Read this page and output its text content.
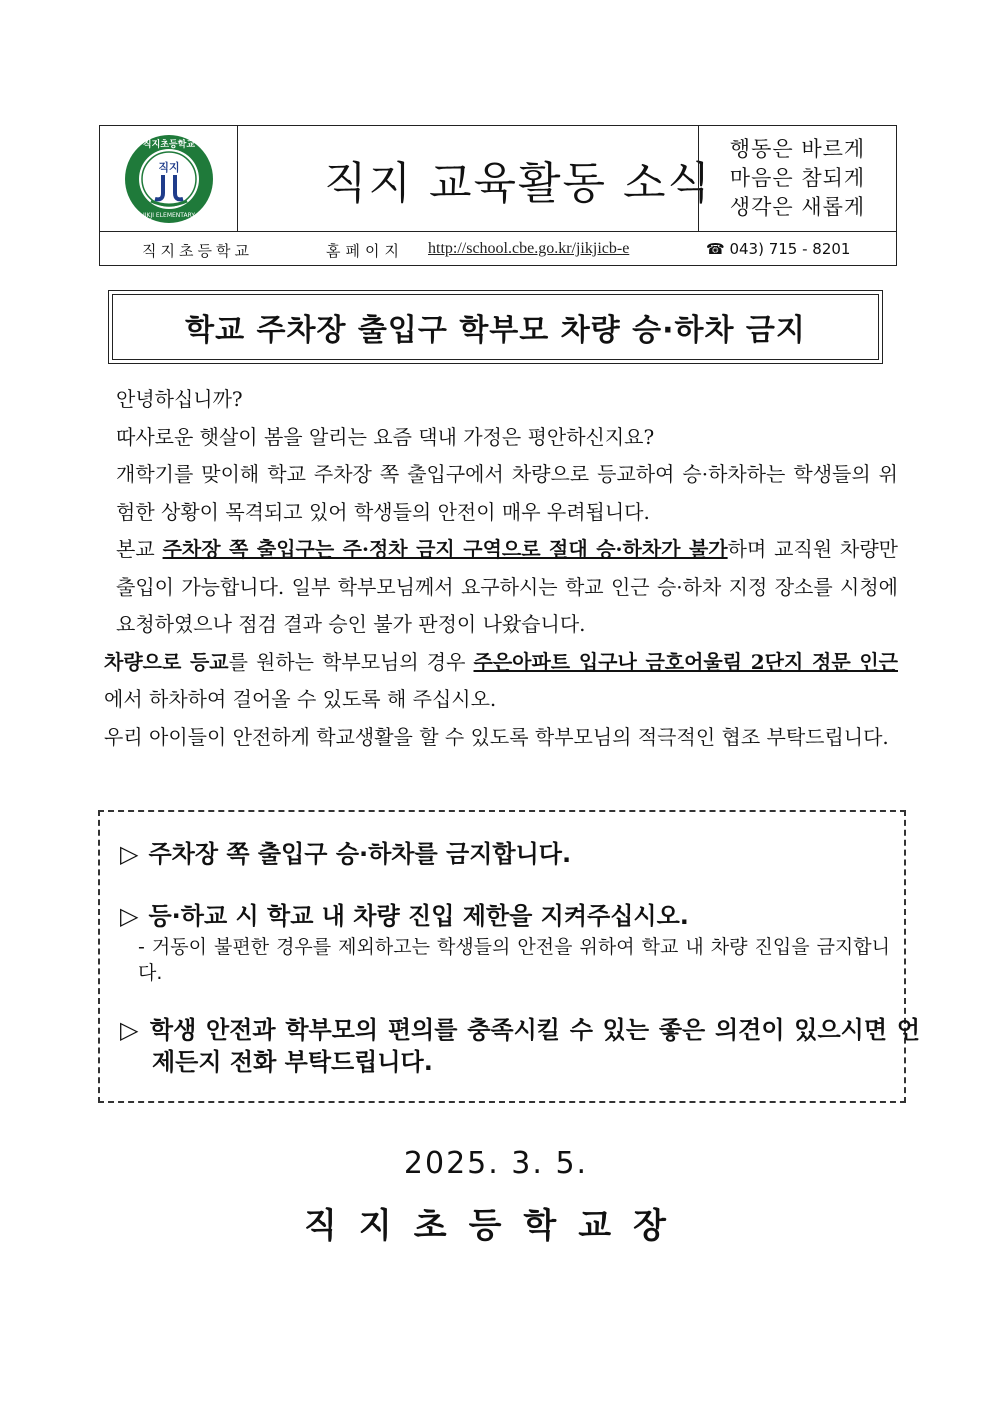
직지초등학교
JIKJI ELEMENTARY
직지	직지 교육활동 소식
행동은 바르게
마음은 참되게
생각은 새롭게
직지초등학교	홈페이지 http://school.cbe.go.kr/jikjicb-e	☎ 043) 715 - 8201
학교 주차장 출입구 학부모 차량 승·하차 금지

안녕하십니까?

따사로운 햇살이 봄을 알리는 요즘 댁내 가정은 평안하신지요?

개학기를 맞이해 학교 주차장 쪽 출입구에서 차량으로 등교하여 승·하차하는 학생들의 위험한 상황이 목격되고 있어 학생들의 안전이 매우 우려됩니다.

본교 주차장 쪽 출입구는 주·정차 금지 구역으로 절대 승·하차가 불가하며 교직원 차량만 출입이 가능합니다. 일부 학부모님께서 요구하시는 학교 인근 승·하차 지정 장소를 시청에 요청하였으나 점검 결과 승인 불가 판정이 나왔습니다.

차량으로 등교를 원하는 학부모님의 경우 주은아파트 입구나 금호어울림 2단지 정문 인근에서 하차하여 걸어올 수 있도록 해 주십시오.

우리 아이들이 안전하게 학교생활을 할 수 있도록 학부모님의 적극적인 협조 부탁드립니다.

▷ 주차장 쪽 출입구 승·하차를 금지합니다.
▷ 등·하교 시 학교 내 차량 진입 제한을 지켜주십시오.
- 거동이 불편한 경우를 제외하고는 학생들의 안전을 위하여 학교 내 차량 진입을 금지합니다.
▷ 학생 안전과 학부모의 편의를 충족시킬 수 있는 좋은 의견이 있으시면 언제든지 전화 부탁드립니다.
2025. 3. 5.
직지초등학교장
